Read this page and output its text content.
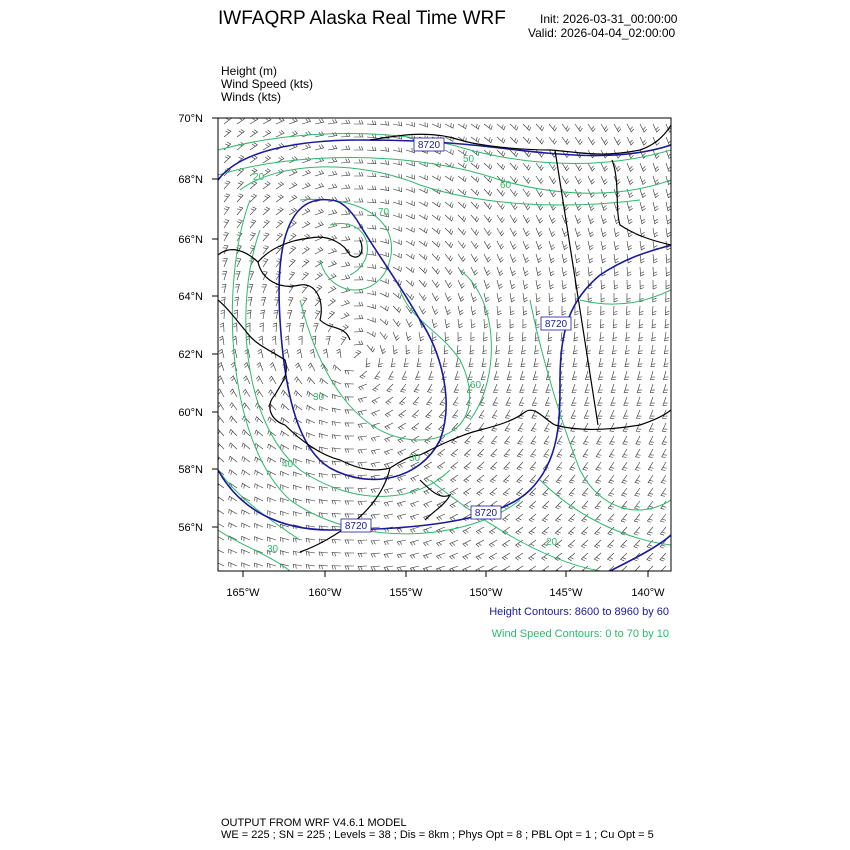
IWFAQRP Alaska Real Time WRF	Init: 2026-03-31_00:00:00
Valid: 2026-04-04_02:00:00
Height (m)
Wind Speed (kts)
Winds (kts)
8720
8720
8720
8720
50
60
70
20
30
60
40
30
30
20
70°N
68°N
66°N
64°N
62°N
60°N
58°N
56°N
165°W	160°W	155°W	150°W	145°W	140°W
Height Contours: 8600 to 8960 by 60
Wind Speed Contours: 0 to 70 by 10
OUTPUT FROM WRF V4.6.1 MODEL
WE = 225 ; SN = 225 ; Levels = 38 ; Dis = 8km ; Phys Opt = 8 ; PBL Opt = 1 ; Cu Opt = 5
